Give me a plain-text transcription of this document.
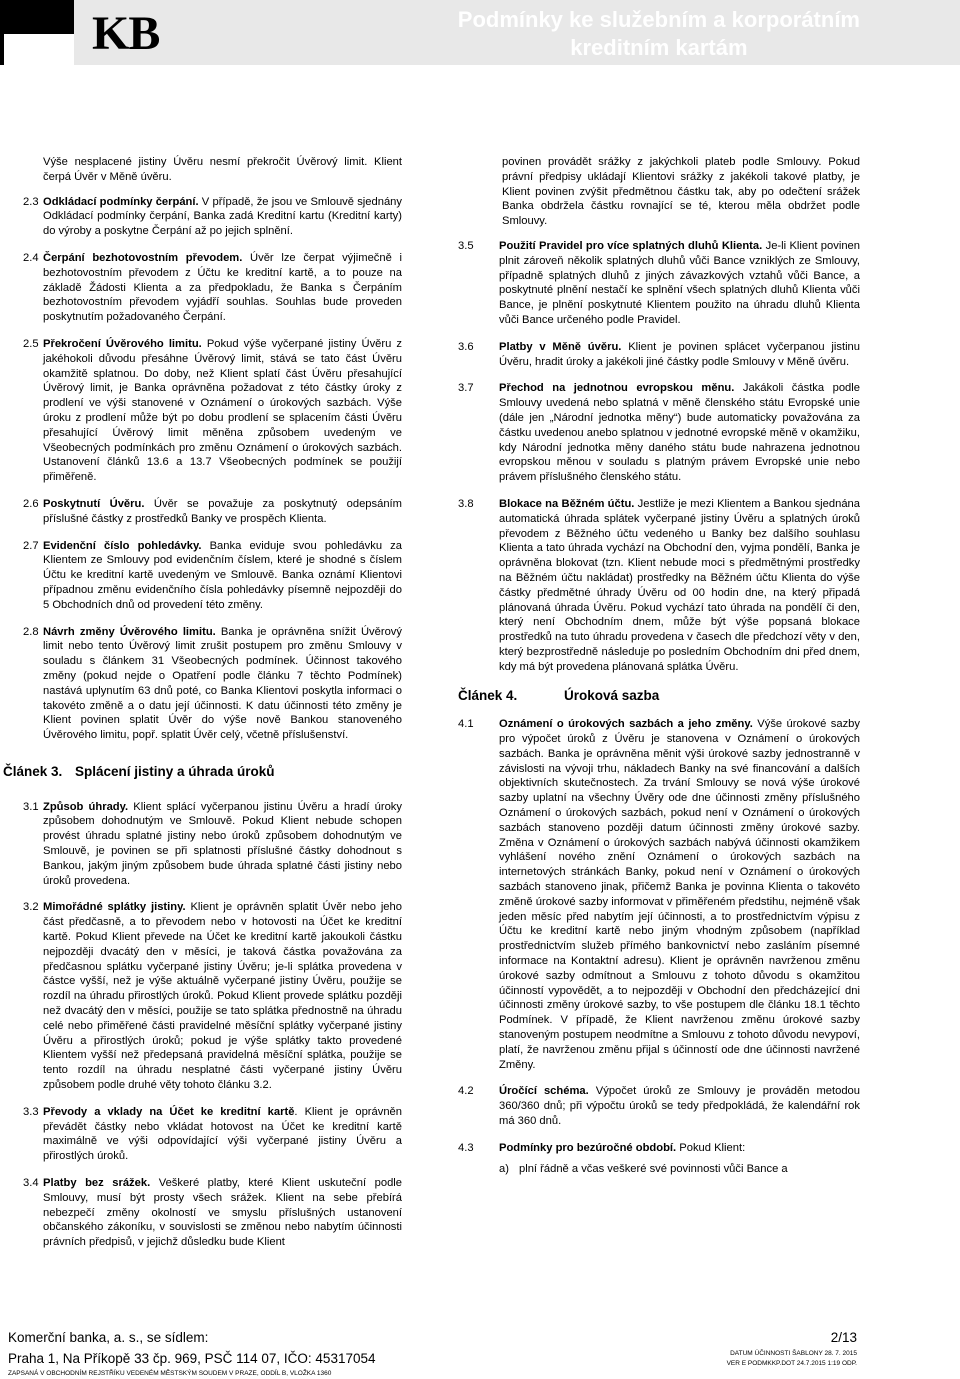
KB	Podmínky ke služebním a korporátním
kreditním kartám
Výše nesplacené jistiny Úvěru nesmí překročit Úvěrový limit. Klient čerpá Úvěr v Měně úvěru.
2.3 Odkládací podmínky čerpání. V případě, že jsou ve Smlouvě sjednány Odkládací podmínky čerpání, Banka zadá Kreditní kartu (Kreditní karty) do výroby a poskytne Čerpání až po jejich splnění.
2.4 Čerpání bezhotovostním převodem. Úvěr lze čerpat výjimečně i bezhotovostním převodem z Účtu ke kreditní kartě, a to pouze na základě Žádosti Klienta a za předpokladu, že Banka s Čerpáním bezhotovostním převodem vyjádří souhlas. Souhlas bude proveden poskytnutím požadovaného Čerpání.
2.5 Překročení Úvěrového limitu. Pokud výše vyčerpané jistiny Úvěru z jakéhokoli důvodu přesáhne Úvěrový limit, stává se tato část Úvěru okamžitě splatnou. Do doby, než Klient splatí část Úvěru přesahující Úvěrový limit, je Banka oprávněna požadovat z této částky úroky z prodlení ve výši stanovené v Oznámení o úrokových sazbách. Výše úroku z prodlení může být po dobu prodlení se splacením části Úvěru přesahující Úvěrový limit měněna způsobem uvedeným ve Všeobecných podmínkách pro změnu Oznámení o úrokových sazbách. Ustanovení článků 13.6 a 13.7 Všeobecných podmínek se použijí přiměřeně.
2.6 Poskytnutí Úvěru. Úvěr se považuje za poskytnutý odepsáním příslušné částky z prostředků Banky ve prospěch Klienta.
2.7 Evidenční číslo pohledávky. Banka eviduje svou pohledávku za Klientem ze Smlouvy pod evidenčním číslem, které je shodné s číslem Účtu ke kreditní kartě uvedeným ve Smlouvě. Banka oznámí Klientovi případnou změnu evidenčního čísla pohledávky písemně nejpozději do 5 Obchodních dnů od provedení této změny.
2.8 Návrh změny Úvěrového limitu. Banka je oprávněna snížit Úvěrový limit nebo tento Úvěrový limit zrušit postupem pro změnu Smlouvy v souladu s článkem 31 Všeobecných podmínek. Účinnost takového změny (pokud nejde o Opatření podle článku 7 těchto Podmínek) nastává uplynutím 63 dnů poté, co Banka Klientovi poskytla informaci o takovéto změně a o datu její účinnosti. K datu účinnosti této změny je Klient povinen splatit Úvěr do výše nově Bankou stanoveného Úvěrového limitu, popř. splatit Úvěr celý, včetně příslušenství.
Článek 3. Splácení jistiny a úhrada úroků
3.1 Způsob úhrady. Klient splácí vyčerpanou jistinu Úvěru a hradí úroky způsobem dohodnutým ve Smlouvě. Pokud Klient nebude schopen provést úhradu splatné jistiny nebo úroků způsobem dohodnutým ve Smlouvě, je povinen se při splatnosti příslušné částky dohodnout s Bankou, jakým jiným způsobem bude úhrada splatné části jistiny nebo úroků provedena.
3.2 Mimořádné splátky jistiny. Klient je oprávněn splatit Úvěr nebo jeho část předčasně, a to převodem nebo v hotovosti na Účet ke kreditní kartě. Pokud Klient převede na Účet ke kreditní kartě jakoukoli částku nejpozději dvacátý den v měsíci, je taková částka považována za předčasnou splátku vyčerpané jistiny Úvěru; je-li splátka provedena v částce vyšší, než je výše aktuálně vyčerpané jistiny Úvěru, použije se rozdíl na úhradu přirostlých úroků. Pokud Klient provede splátku později než dvacátý den v měsíci, použije se tato splátka přednostně na úhradu celé nebo přiměřené části pravidelné měsíční splátky vyčerpané jistiny Úvěru a přirostlých úroků; pokud je výše splátky takto provedené Klientem vyšší než předepsaná pravidelná měsíční splátka, použije se tento rozdíl na úhradu nesplatné části vyčerpané jistiny Úvěru způsobem podle druhé věty tohoto článku 3.2.
3.3 Převody a vklady na Účet ke kreditní kartě. Klient je oprávněn převádět částky nebo vkládat hotovost na Účet ke kreditní kartě maximálně ve výši odpovídající výši vyčerpané jistiny Úvěru a přirostlých úroků.
3.4 Platby bez srážek. Veškeré platby, které Klient uskuteční podle Smlouvy, musí být prosty všech srážek. Klient na sebe přebírá nebezpečí změny okolností ve smyslu příslušných ustanovení občanského zákoníku, v souvislosti se změnou nebo nabytím účinnosti právních předpisů, v jejichž důsledku bude Klient
povinen provádět srážky z jakýchkoli plateb podle Smlouvy. Pokud právní předpisy ukládají Klientovi srážky z jakékoli takové platby, je Klient povinen zvýšit předmětnou částku tak, aby po odečtení srážek Banka obdržela částku rovnající se té, kterou měla obdržet podle Smlouvy.
3.5	Použití Pravidel pro více splatných dluhů Klienta. Je-li Klient povinen plnit zároveň několik splatných dluhů vůči Bance vzniklých ze Smlouvy, případně splatných dluhů z jiných závazkových vztahů vůči Bance, a poskytnuté plnění nestačí ke splnění všech splatných dluhů Klienta vůči Bance, je plnění poskytnuté Klientem použito na úhradu dluhů Klienta vůči Bance určeného podle Pravidel.
3.6	Platby v Měně úvěru. Klient je povinen splácet vyčerpanou jistinu Úvěru, hradit úroky a jakékoli jiné částky podle Smlouvy v Měně úvěru.
3.7	Přechod na jednotnou evropskou měnu. Jakákoli částka podle Smlouvy uvedená nebo splatná v měně členského státu Evropské unie (dále jen „Národní jednotka měny“) bude automaticky považována za částku uvedenou anebo splatnou v jednotné evropské měně v okamžiku, kdy Národní jednotka měny daného státu bude nahrazena jednotnou evropskou měnou v souladu s platným právem Evropské unie nebo právem příslušného členského státu.
3.8	Blokace na Běžném účtu. Jestliže je mezi Klientem a Bankou sjednána automatická úhrada splátek vyčerpané jistiny Úvěru a splatných úroků převodem z Běžného účtu vedeného u Banky bez dalšího souhlasu Klienta a tato úhrada vychází na Obchodní den, vyjma pondělí, Banka je oprávněna blokovat (tzn. Klient nebude moci s předmětnými prostředky na Běžném účtu nakládat) prostředky na Běžném účtu Klienta do výše částky předmětné úhrady Úvěru od 00 hodin dne, na který připadá plánovaná úhrada Úvěru. Pokud vychází tato úhrada na pondělí či den, který není Obchodním dnem, může být výše popsaná blokace prostředků na tuto úhradu provedena v časech dle předchozí věty v den, který bezprostředně následuje po posledním Obchodním dni před dnem, kdy má být provedena plánovaná splátka Úvěru.
Článek 4.	Úroková sazba
4.1	Oznámení o úrokových sazbách a jeho změny. Výše úrokové sazby pro výpočet úroků z Úvěru je stanovena v Oznámení o úrokových sazbách. Banka je oprávněna měnit výši úrokové sazby jednostranně v závislosti na vývoji trhu, nákladech Banky na své financování a dalších objektivních skutečnostech. Za trvání Smlouvy se nová výše úrokové sazby uplatní na všechny Úvěry ode dne účinnosti změny příslušného Oznámení o úrokových sazbách, pokud není v Oznámení o úrokových sazbách stanoveno později datum účinnosti změny úrokové sazby. Změna v Oznámení o úrokových sazbách nabývá účinnosti okamžikem vyhlášení nového znění Oznámení o úrokových sazbách na internetových stránkách Banky, pokud není v Oznámení o úrokových sazbách stanoveno jinak, přičemž Banka je povinna Klienta o takovéto změně úrokové sazby informovat v přiměřeném předstihu, nejméně však jeden měsíc před nabytím její účinnosti, a to prostřednictvím výpisu z Účtu ke kreditní kartě nebo jiným vhodným způsobem (například prostřednictvím služeb přímého bankovnictví nebo zasláním písemné informace na Kontaktní adresu). Klient je oprávněn navrženou změnu úrokové sazby odmítnout a Smlouvu z tohoto důvodu s okamžitou účinností vypovědět, a to nejpozději v Obchodní den předcházející dni účinnosti změny úrokové sazby, to vše postupem dle článku 18.1 těchto Podmínek. V případě, že Klient navrženou změnu úrokové sazby stanoveným postupem neodmítne a Smlouvu z tohoto důvodu nevypoví, platí, že navrženou změnu přijal s účinností ode dne účinnosti navržené Změny.
4.2	Úročící schéma. Výpočet úroků ze Smlouvy je prováděn metodou 360/360 dnů; při výpočtu úroků se tedy předpokládá, že kalendářní rok má 360 dnů.
4.3	Podmínky pro bezúročné období. Pokud Klient:
a) plní řádně a včas veškeré své povinnosti vůči Bance a
Komerční banka, a. s., se sídlem:
Praha 1, Na Příkopě 33 čp. 969, PSČ 114 07, IČO: 45317054
ZAPSANÁ V OBCHODNÍM REJSTŘÍKU VEDENÉM MĚSTSKÝM SOUDEM V PRAZE, ODDÍL B, VLOŽKA 1360
2/13
DATUM ÚČINNOSTI ŠABLONY 28. 7. 2015
VER E PODMKKP.DOT 24.7.2015 1:19 ODP.
